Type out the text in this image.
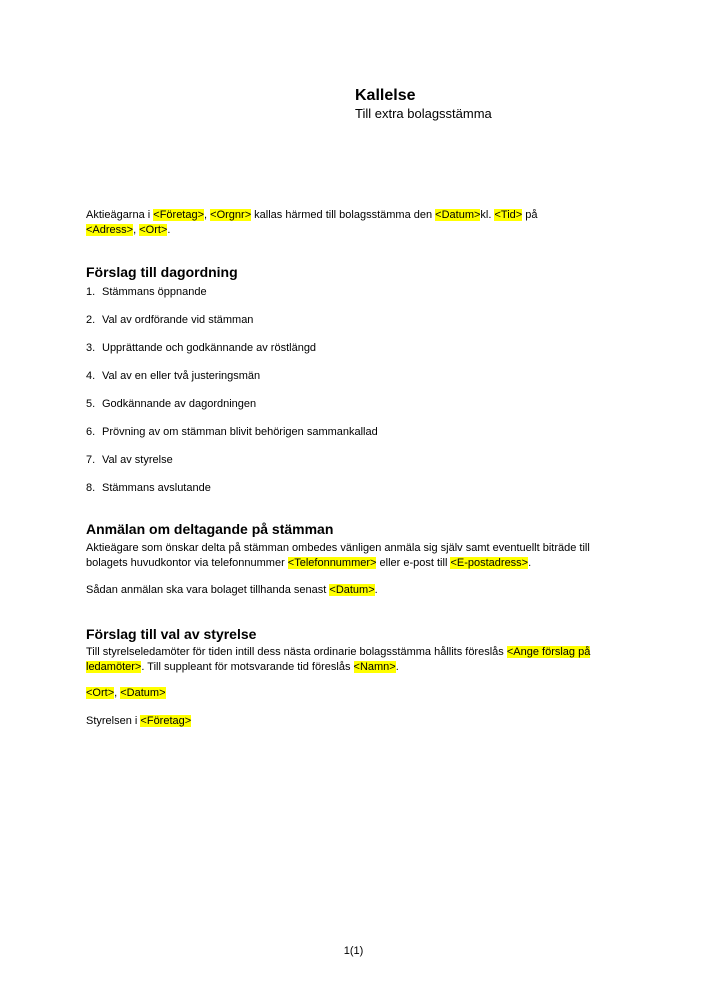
Kallelse

Till extra bolagsstämma

Aktieägarna i <Företag>, <Orgnr> kallas härmed till bolagsstämma den <Datum>kl. <Tid> på
<Adress>, <Ort>.

Förslag till dagordning

1. Stämmans öppnande
2. Val av ordförande vid stämman
3. Upprättande och godkännande av röstlängd
4. Val av en eller två justeringsmän
5. Godkännande av dagordningen
6. Prövning av om stämman blivit behörigen sammankallad
7. Val av styrelse
8. Stämmans avslutande

Anmälan om deltagande på stämman

Aktieägare som önskar delta på stämman ombedes vänligen anmäla sig själv samt eventuellt biträde till bolagets huvudkontor via telefonnummer <Telefonnummer> eller e-post till <E-postadress>.

Sådan anmälan ska vara bolaget tillhanda senast <Datum>.

Förslag till val av styrelse

Till styrelseledamöter för tiden intill dess nästa ordinarie bolagsstämma hållits föreslås <Ange förslag på ledamöter>. Till suppleant för motsvarande tid föreslås <Namn>.

<Ort>, <Datum>

Styrelsen i <Företag>

1(1)
